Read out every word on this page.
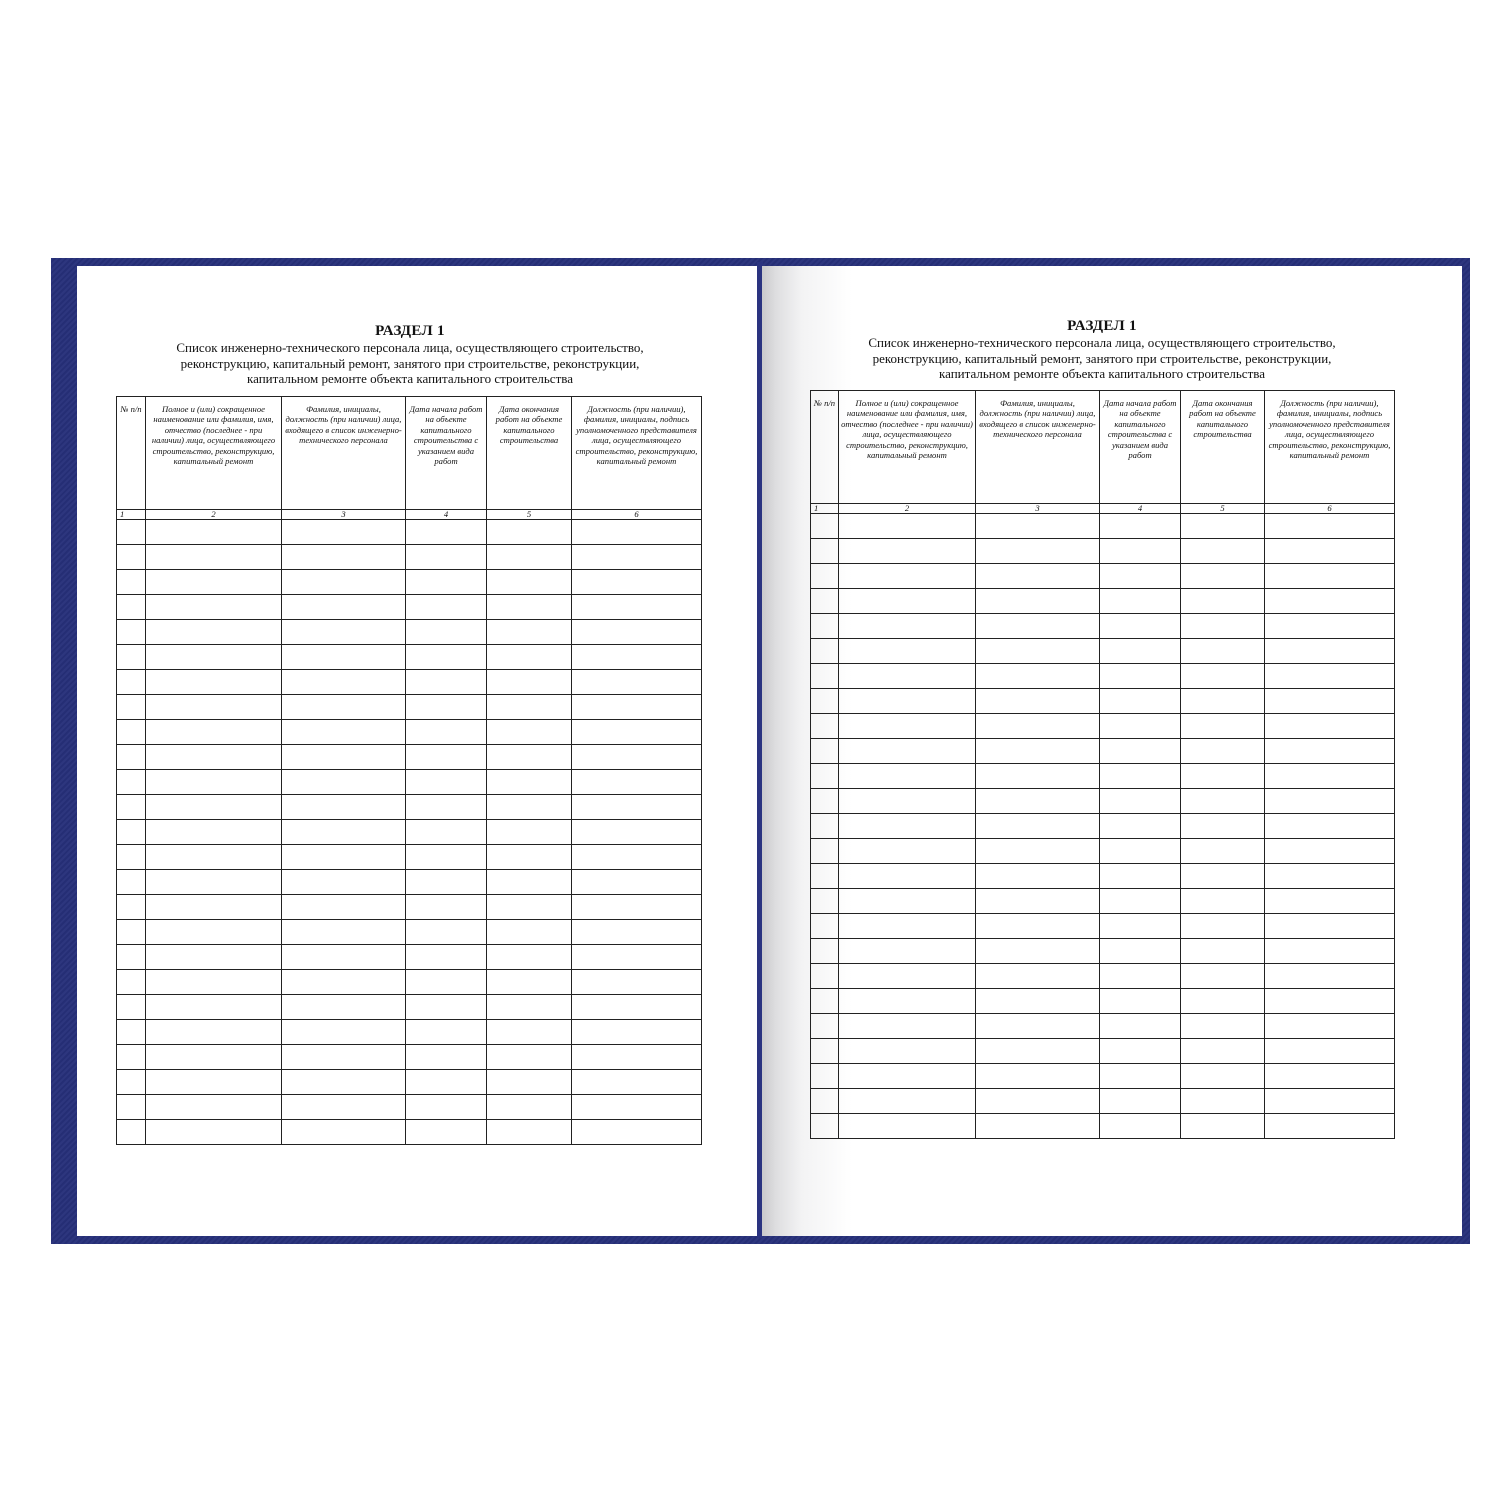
РАЗДЕЛ 1
Список инженерно-технического персонала лица, осуществляющего строительство,
реконструкцию, капитальный ремонт, занятого при строительстве, реконструкции,
капитальном ремонте объекта капитального строительства
№ п/п	Полное и (или) сокращенное наименование или фамилия, имя, отчество (последнее - при наличии) лица, осуществляющего строительство, реконструкцию, капитальный ремонт	Фамилия, инициалы, должность (при наличии) лица, входящего в список инженерно-технического персонала	Дата начала работ на объекте капитального строительства с указанием вида работ	Дата окончания работ на объекте капитального строительства	Должность (при наличии), фамилия, инициалы, подпись уполномоченного представителя лица, осуществляющего строительство, реконструкцию, капитальный ремонт
1	2	3	4	5	6

РАЗДЕЛ 1
Список инженерно-технического персонала лица, осуществляющего строительство,
реконструкцию, капитальный ремонт, занятого при строительстве, реконструкции,
капитальном ремонте объекта капитального строительства
№ п/п	Полное и (или) сокращенное наименование или фамилия, имя, отчество (последнее - при наличии) лица, осуществляющего строительство, реконструкцию, капитальный ремонт	Фамилия, инициалы, должность (при наличии) лица, входящего в список инженерно-технического персонала	Дата начала работ на объекте капитального строительства с указанием вида работ	Дата окончания работ на объекте капитального строительства	Должность (при наличии), фамилия, инициалы, подпись уполномоченного представителя лица, осуществляющего строительство, реконструкцию, капитальный ремонт
1	2	3	4	5	6
